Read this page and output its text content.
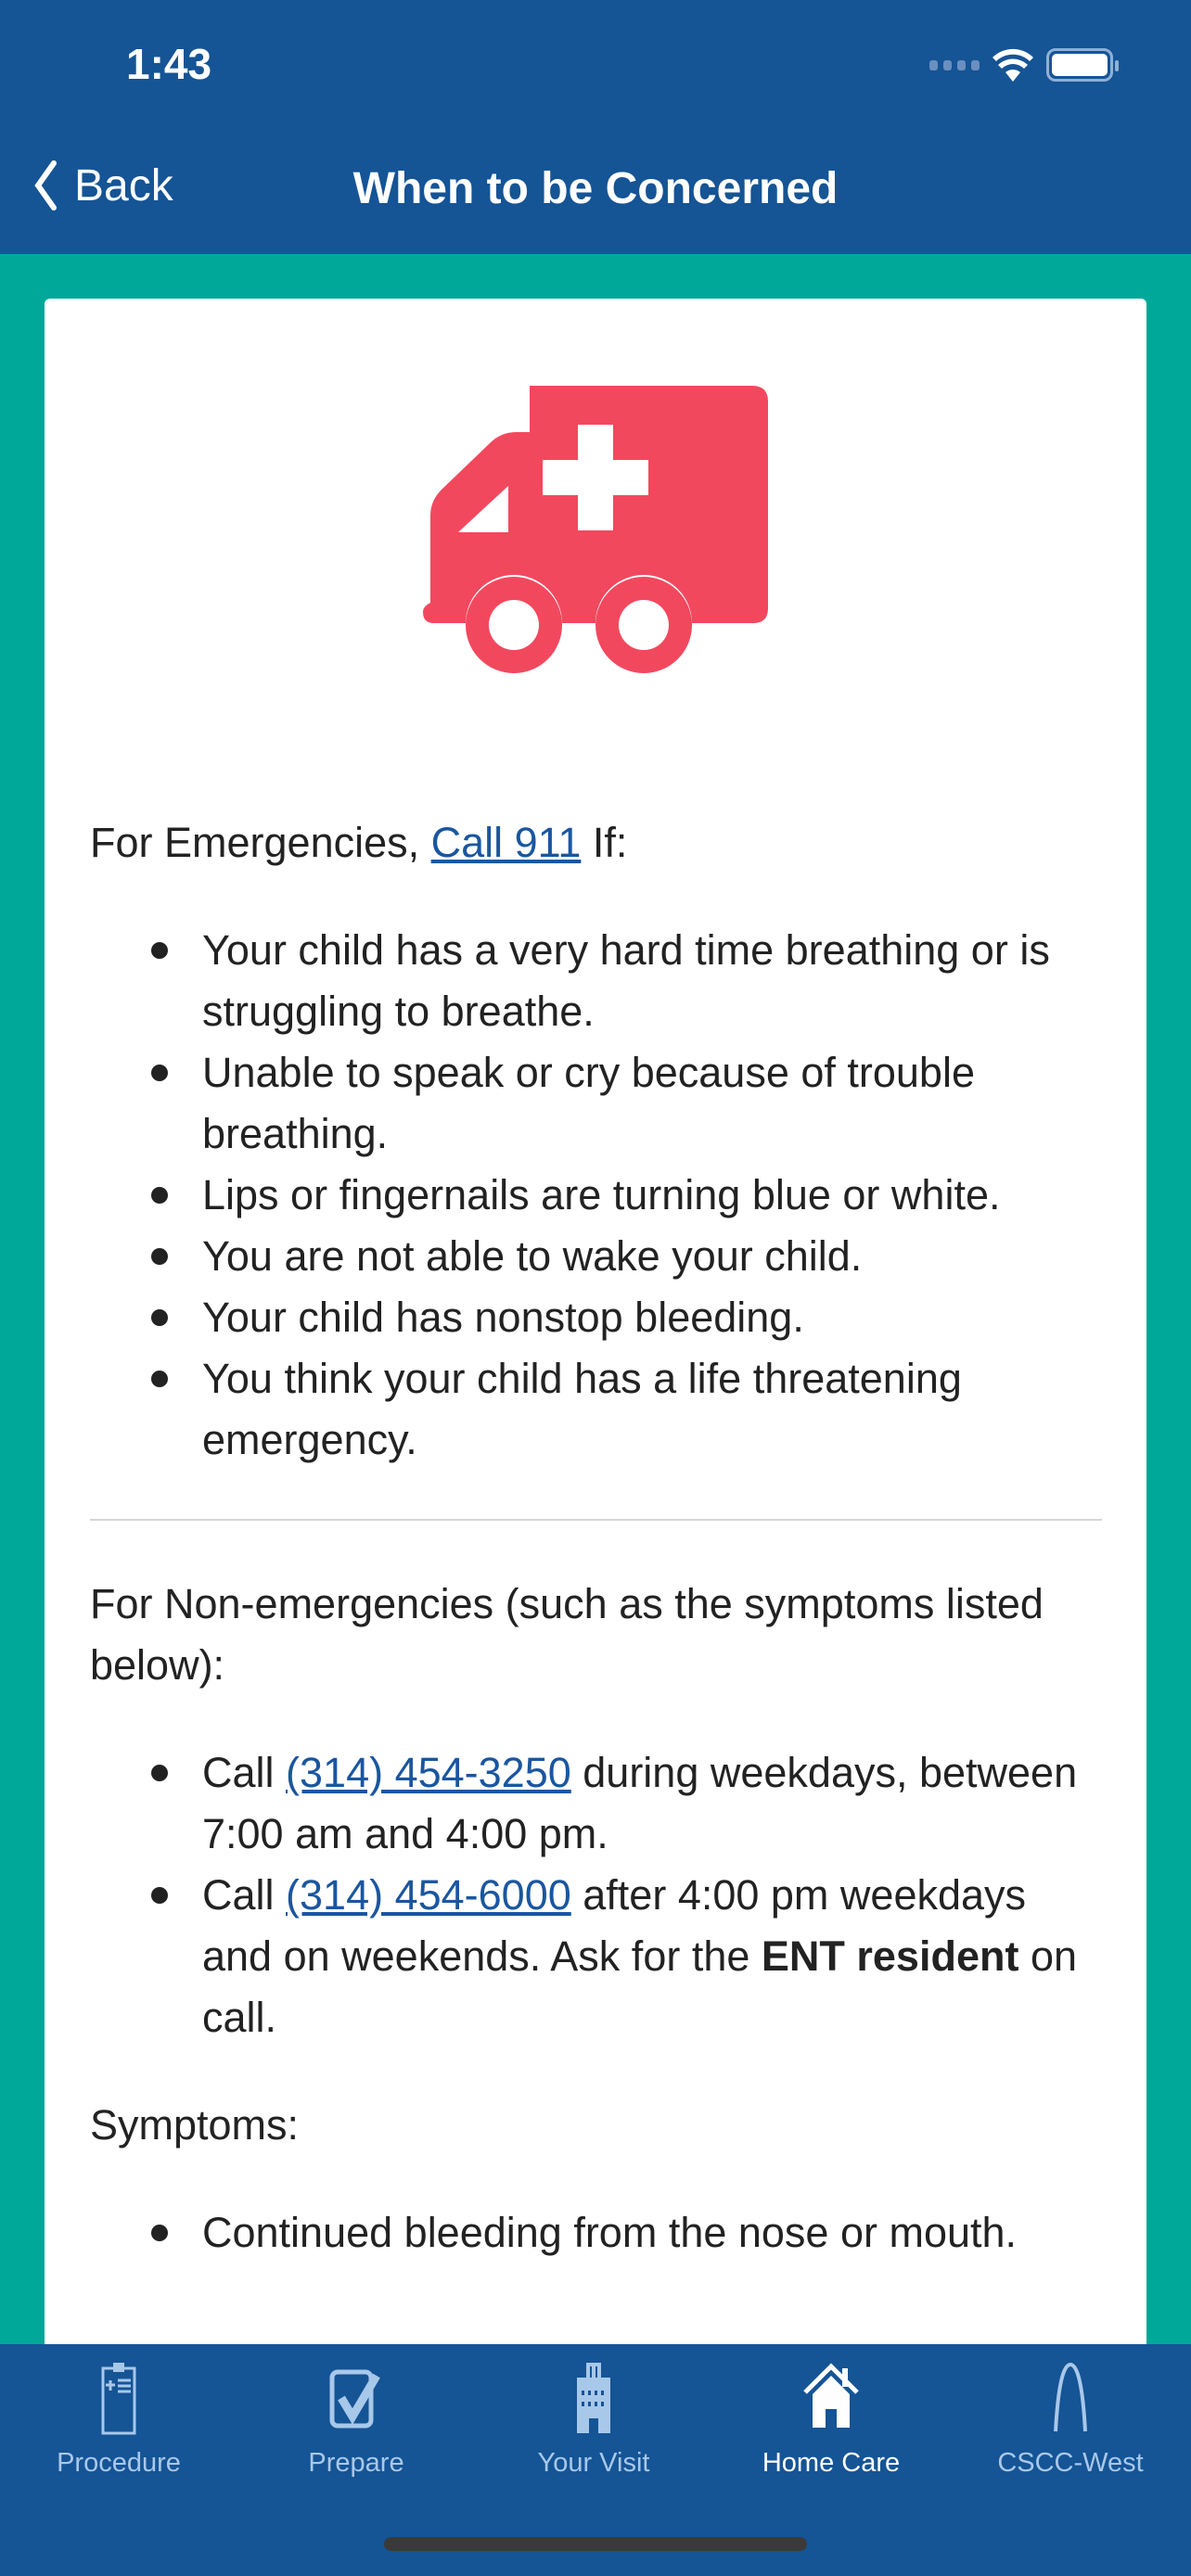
1:43
Back	When to be Concerned

For Emergencies, Call 911 If:

Your child has a very hard time breathing or is struggling to breathe.
Unable to speak or cry because of trouble breathing.
Lips or fingernails are turning blue or white.
You are not able to wake your child.
Your child has nonstop bleeding.
You think your child has a life threatening emergency.

For Non-emergencies (such as the symptoms listed below):

Call (314) 454-3250 during weekdays, between 7:00 am and 4:00 pm.
Call (314) 454-6000 after 4:00 pm weekdays and on weekends. Ask for the ENT resident on call.

Symptoms:

Continued bleeding from the nose or mouth.
Procedure	Prepare	Your Visit	Home Care	CSCC-West
